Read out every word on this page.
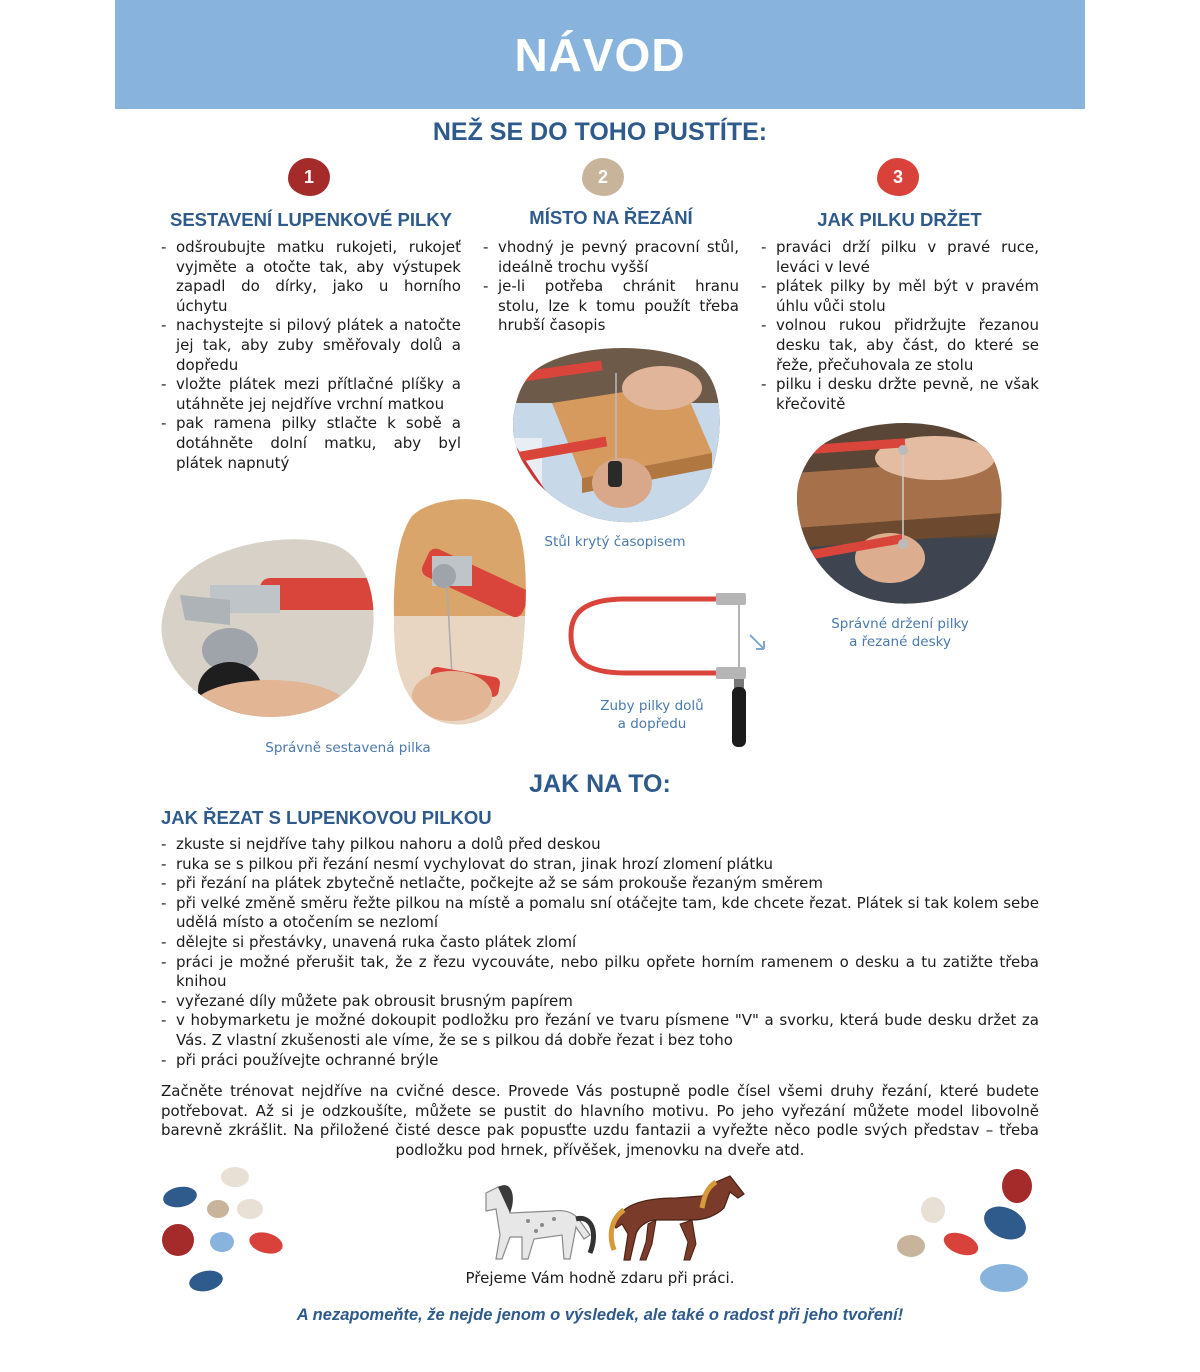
NÁVOD
NEŽ SE DO TOHO PUSTÍTE:
1	2	3
SESTAVENÍ LUPENKOVÉ PILKY	MÍSTO NA ŘEZÁNÍ	JAK PILKU DRŽET
- odšroubujte matku rukojeti, rukojeť vyjměte a otočte tak, aby výstupek zapadl do dírky, jako u horního úchytu
- nachystejte si pilový plátek a natočte jej tak, aby zuby směřovaly dolů a dopředu
- vložte plátek mezi přítlačné plíšky a utáhněte jej nejdříve vrchní matkou
- pak ramena pilky stlačte k sobě a dotáhněte dolní matku, aby byl plátek napnutý
- vhodný je pevný pracovní stůl, ideálně trochu vyšší
- je-li potřeba chránit hranu stolu, lze k tomu použít třeba hrubší časopis
- praváci drží pilku v pravé ruce, leváci v levé
- plátek pilky by měl být v pravém úhlu vůči stolu
- volnou rukou přidržujte řezanou desku tak, aby část, do které se řeže, přečuhovala ze stolu
- pilku i desku držte pevně, ne však křečovitě
Stůl krytý časopisem
Správné držení pilky
a řezané desky
Správně sestavená pilka
Zuby pilky dolů
a dopředu
JAK NA TO:
JAK ŘEZAT S LUPENKOVOU PILKOU
- zkuste si nejdříve tahy pilkou nahoru a dolů před deskou
- ruka se s pilkou při řezání nesmí vychylovat do stran, jinak hrozí zlomení plátku
- při řezání na plátek zbytečně netlačte, počkejte až se sám prokouše řezaným směrem
- při velké změně směru řežte pilkou na místě a pomalu sní otáčejte tam, kde chcete řezat. Plátek si tak kolem sebe udělá místo a otočením se nezlomí
- dělejte si přestávky, unavená ruka často plátek zlomí
- práci je možné přerušit tak, že z řezu vycouváte, nebo pilku opřete horním ramenem o desku a tu zatižte třeba knihou
- vyřezané díly můžete pak obrousit brusným papírem
- v hobymarketu je možné dokoupit podložku pro řezání ve tvaru písmene "V" a svorku, která bude desku držet za Vás. Z vlastní zkušenosti ale víme, že se s pilkou dá dobře řezat i bez toho
- při práci používejte ochranné brýle

Začněte trénovat nejdříve na cvičné desce. Provede Vás postupně podle čísel všemi druhy řezání, které budete potřebovat. Až si je odzkoušíte, můžete se pustit do hlavního motivu. Po jeho vyřezání můžete model libovolně barevně zkrášlit. Na přiložené čisté desce pak popusťte uzdu fantazii a vyřežte něco podle svých představ – třeba podložku pod hrnek, přívěšek, jmenovku na dveře atd.

Přejeme Vám hodně zdaru při práci.
A nezapomeňte, že nejde jenom o výsledek, ale také o radost při jeho tvoření!
